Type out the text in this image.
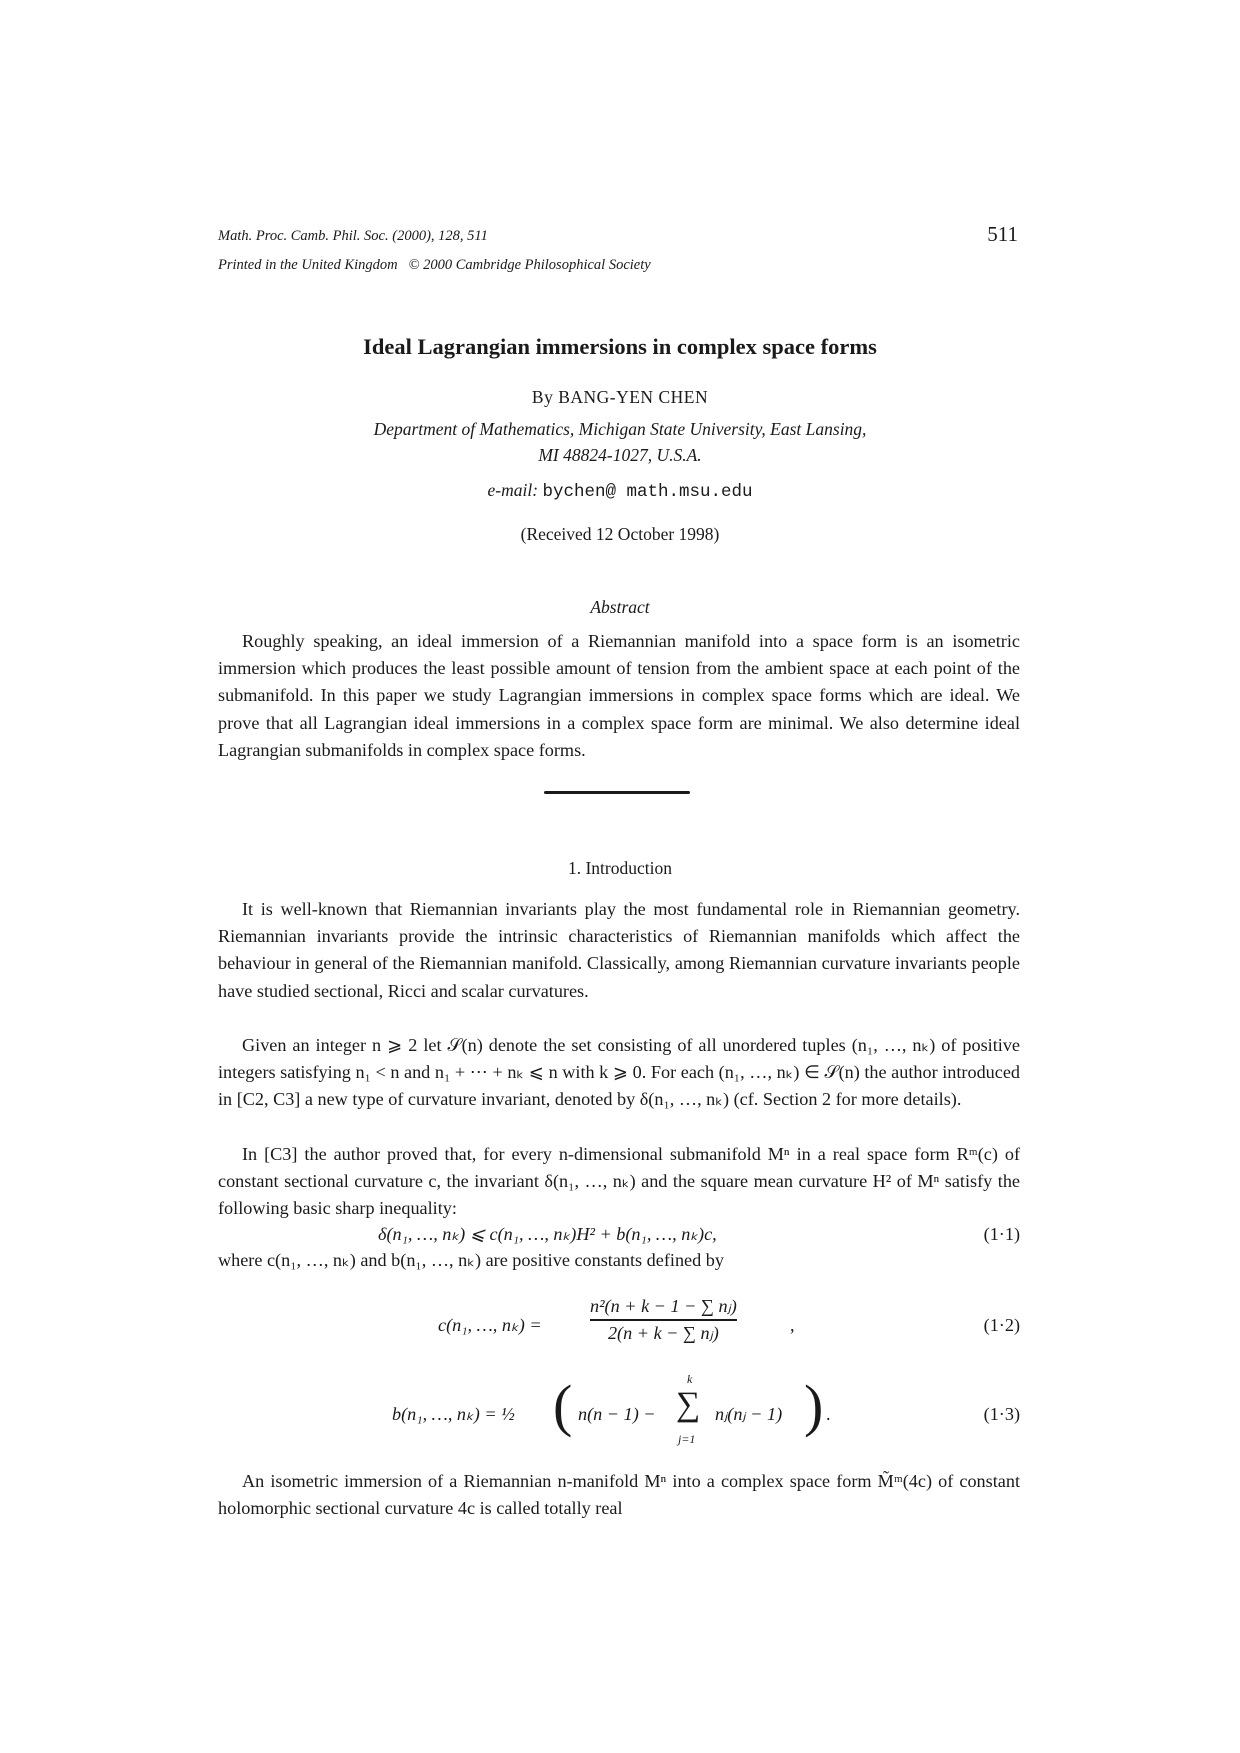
Math. Proc. Camb. Phil. Soc. (2000), 128, 511
Printed in the United Kingdom   © 2000 Cambridge Philosophical Society
511
Ideal Lagrangian immersions in complex space forms
By BANG-YEN CHEN
Department of Mathematics, Michigan State University, East Lansing,
MI 48824-1027, U.S.A.
e-mail: bychen@ math.msu.edu
(Received 12 October 1998)
Abstract
Roughly speaking, an ideal immersion of a Riemannian manifold into a space form is an isometric immersion which produces the least possible amount of tension from the ambient space at each point of the submanifold. In this paper we study Lagrangian immersions in complex space forms which are ideal. We prove that all Lagrangian ideal immersions in a complex space form are minimal. We also determine ideal Lagrangian submanifolds in complex space forms.
1. Introduction
It is well-known that Riemannian invariants play the most fundamental role in Riemannian geometry. Riemannian invariants provide the intrinsic characteristics of Riemannian manifolds which affect the behaviour in general of the Riemannian manifold. Classically, among Riemannian curvature invariants people have studied sectional, Ricci and scalar curvatures.
Given an integer n ⩾ 2 let 𝒮(n) denote the set consisting of all unordered tuples (n₁, …, nₖ) of positive integers satisfying n₁ < n and n₁ + ⋯ + nₖ ⩽ n with k ⩾ 0. For each (n₁, …, nₖ) ∈ 𝒮(n) the author introduced in [C2, C3] a new type of curvature invariant, denoted by δ(n₁, …, nₖ) (cf. Section 2 for more details).
In [C3] the author proved that, for every n-dimensional submanifold Mⁿ in a real space form Rᵐ(c) of constant sectional curvature c, the invariant δ(n₁, …, nₖ) and the square mean curvature H² of Mⁿ satisfy the following basic sharp inequality:
δ(n₁, …, nₖ) ⩽ c(n₁, …, nₖ)H² + b(n₁, …, nₖ)c,	(1·1)
where c(n₁, …, nₖ) and b(n₁, …, nₖ) are positive constants defined by
c(n₁, …, nₖ) =
n²(n + k − 1 − ∑ nⱼ)
2(n + k − ∑ nⱼ)	,	(1·2)
b(n₁, …, nₖ) = ½ ( n(n − 1) −
k
∑
j=1
nⱼ(nⱼ − 1) ) .	(1·3)
An isometric immersion of a Riemannian n-manifold Mⁿ into a complex space form M̃ᵐ(4c) of constant holomorphic sectional curvature 4c is called totally real
